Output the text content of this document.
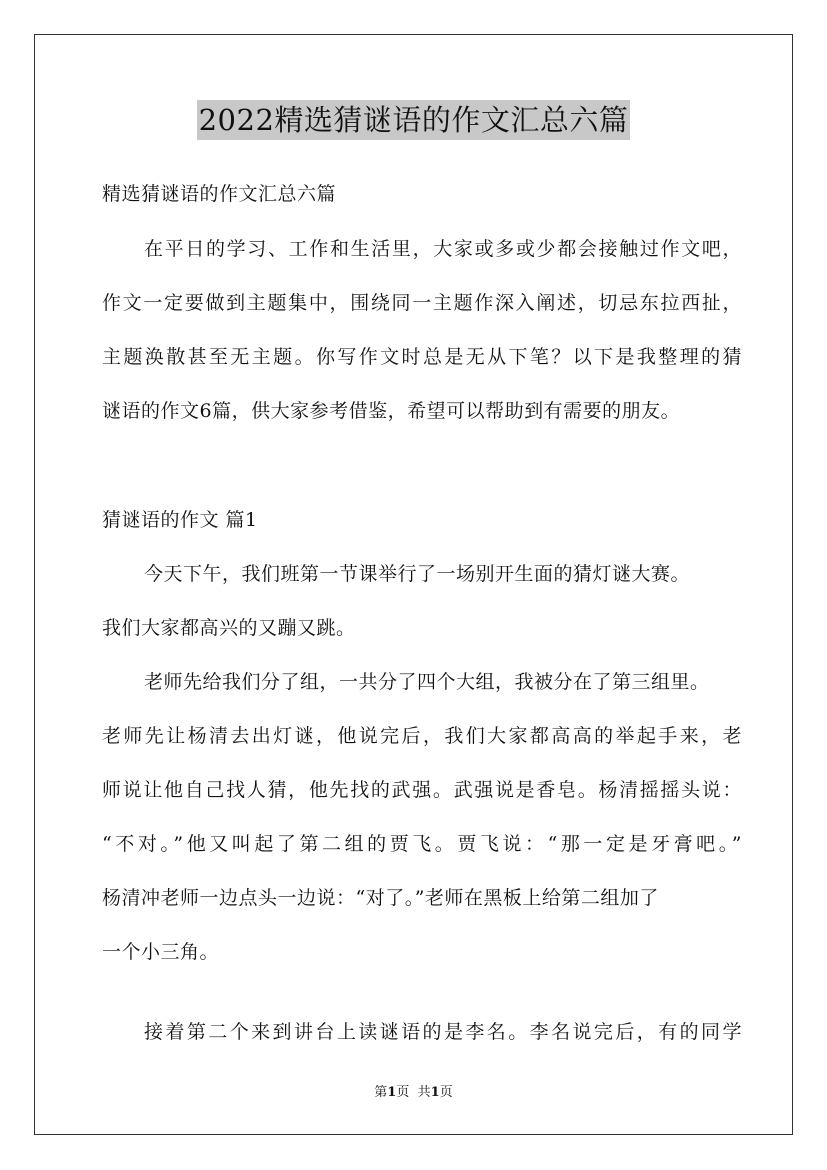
2022精选猜谜语的作文汇总六篇
精选猜谜语的作文汇总六篇
在平日的学习、工作和生活里，大家或多或少都会接触过作文吧，
作文一定要做到主题集中，围绕同一主题作深入阐述，切忌东拉西扯，
主题涣散甚至无主题。你写作文时总是无从下笔？以下是我整理的猜
谜语的作文6篇，供大家参考借鉴，希望可以帮助到有需要的朋友。
猜谜语的作文 篇1
今天下午，我们班第一节课举行了一场别开生面的猜灯谜大赛。
我们大家都高兴的又蹦又跳。
老师先给我们分了组，一共分了四个大组，我被分在了第三组里。
老师先让杨清去出灯谜，他说完后，我们大家都高高的举起手来，老
师说让他自己找人猜，他先找的武强。武强说是香皂。杨清摇摇头说：
“不对。”他又叫起了第二组的贾飞。贾飞说：“那一定是牙膏吧。”
杨清冲老师一边点头一边说：“对了。”老师在黑板上给第二组加了
一个小三角。
接着第二个来到讲台上读谜语的是李名。李名说完后，有的同学
第1页 共1页
